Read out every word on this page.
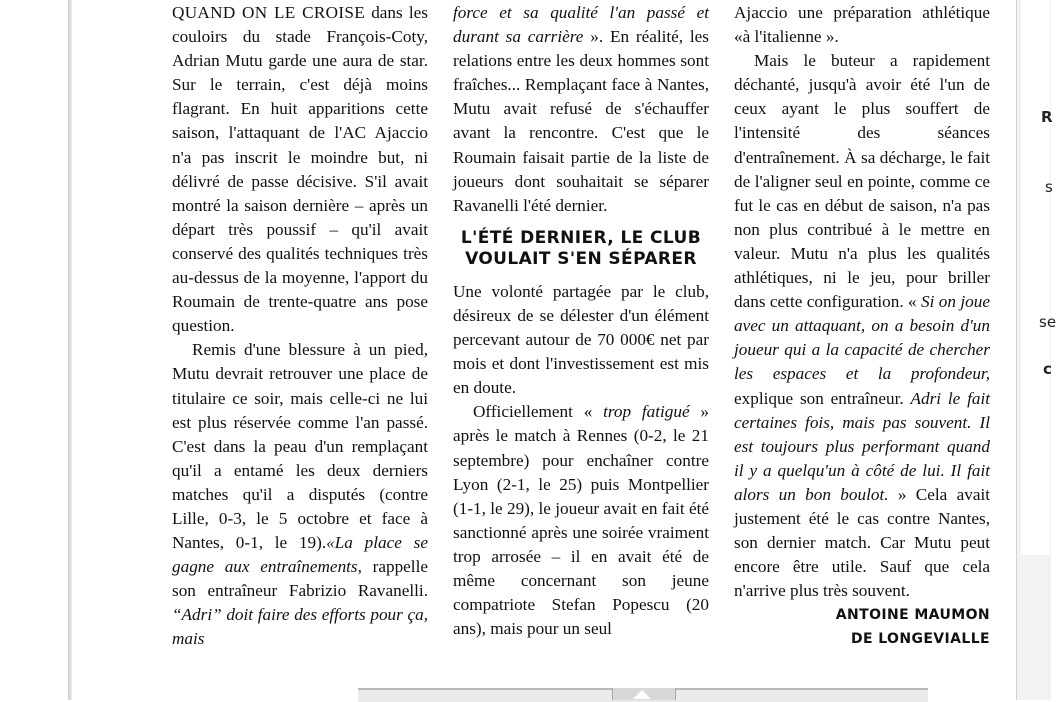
QUAND ON LE CROISE dans les couloirs du stade François-Coty, Adrian Mutu garde une aura de star. Sur le terrain, c'est déjà moins flagrant. En huit apparitions cette saison, l'attaquant de l'AC Ajaccio n'a pas inscrit le moindre but, ni délivré de passe décisive. S'il avait montré la saison dernière – après un départ très poussif – qu'il avait conservé des qualités techniques très au-dessus de la moyenne, l'apport du Roumain de trente-quatre ans pose question.

Remis d'une blessure à un pied, Mutu devrait retrouver une place de titulaire ce soir, mais celle-ci ne lui est plus réservée comme l'an passé. C'est dans la peau d'un remplaçant qu'il a entamé les deux derniers matches qu'il a disputés (contre Lille, 0-3, le 5 octobre et face à Nantes, 0-1, le 19).«La place se gagne aux entraînements, rappelle son entraîneur Fabrizio Ravanelli. “Adri” doit faire des efforts pour ça, mais

force et sa qualité l'an passé et durant sa carrière ». En réalité, les relations entre les deux hommes sont fraîches... Remplaçant face à Nantes, Mutu avait refusé de s'échauffer avant la rencontre. C'est que le Roumain faisait partie de la liste de joueurs dont souhaitait se séparer Ravanelli l'été dernier.

L'ÉTÉ DERNIER, LE CLUB VOULAIT S'EN SÉPARER

Une volonté partagée par le club, désireux de se délester d'un élément percevant autour de 70 000€ net par mois et dont l'investissement est mis en doute.

Officiellement « trop fatigué » après le match à Rennes (0-2, le 21 septembre) pour enchaîner contre Lyon (2-1, le 25) puis Montpellier (1-1, le 29), le joueur avait en fait été sanctionné après une soirée vraiment trop arrosée – il en avait été de même concernant son jeune compatriote Stefan Popescu (20 ans), mais pour un seul

Ajaccio une préparation athlétique «à l'italienne ».

Mais le buteur a rapidement déchanté, jusqu'à avoir été l'un de ceux ayant le plus souffert de l'intensité des séances d'entraînement. À sa décharge, le fait de l'aligner seul en pointe, comme ce fut le cas en début de saison, n'a pas non plus contribué à le mettre en valeur. Mutu n'a plus les qualités athlétiques, ni le jeu, pour briller dans cette configuration. « Si on joue avec un attaquant, on a besoin d'un joueur qui a la capacité de chercher les espaces et la profondeur, explique son entraîneur. Adri le fait certaines fois, mais pas souvent. Il est toujours plus performant quand il y a quelqu'un à côté de lui. Il fait alors un bon boulot. » Cela avait justement été le cas contre Nantes, son dernier match. Car Mutu peut encore être utile. Sauf que cela n'arrive plus très souvent.

ANTOINE MAUMON
DE LONGEVIALLE
R
s
se
c
